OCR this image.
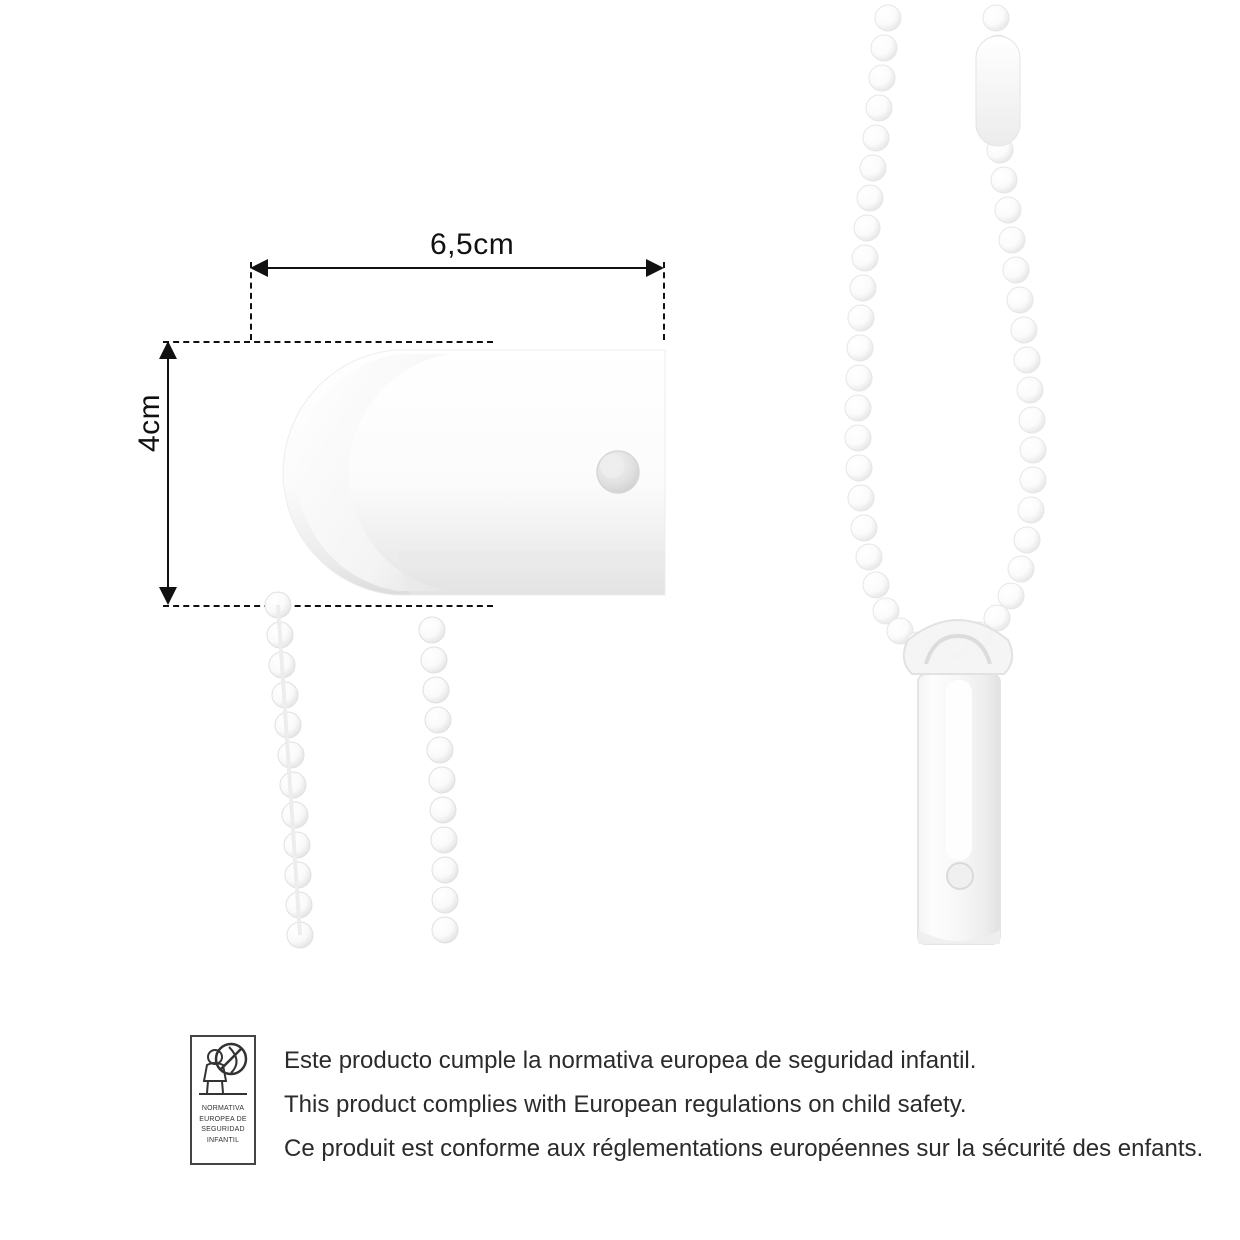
6,5cm
4cm
NORMATIVA
EUROPEA DE
SEGURIDAD
INFANTIL
Este producto cumple la normativa europea de seguridad infantil.
This product complies with European regulations on child safety.
Ce produit est conforme aux réglementations européennes sur la sécurité des enfants.
